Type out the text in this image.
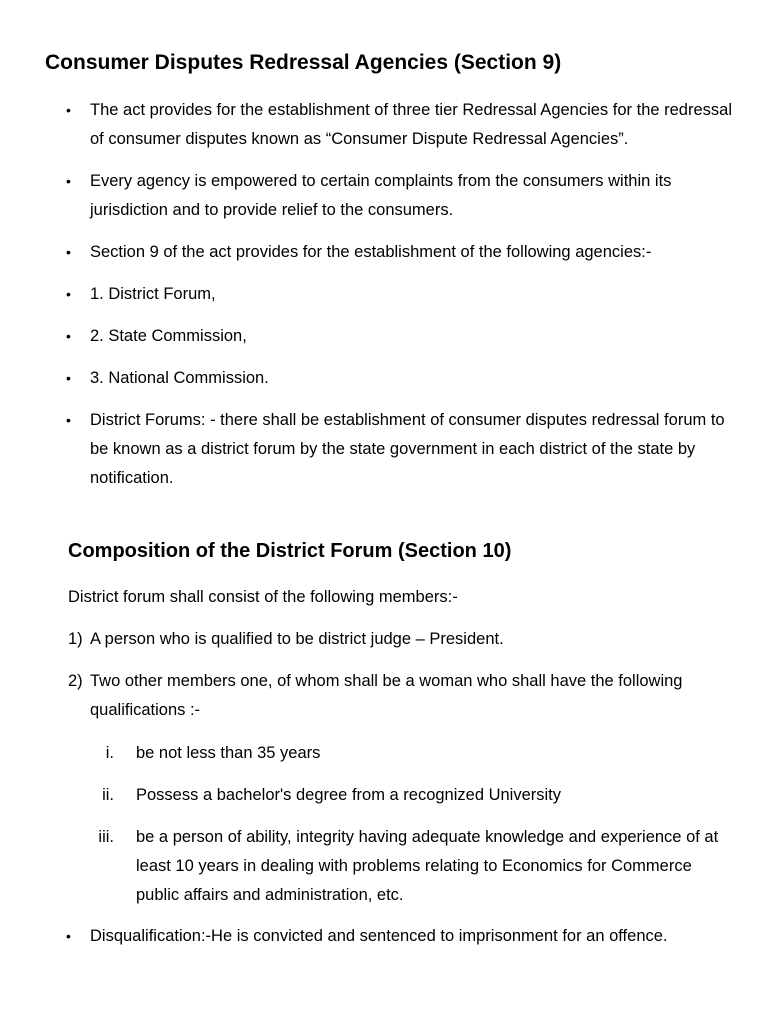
Consumer Disputes Redressal Agencies (Section 9)
• The act provides for the establishment of three tier Redressal Agencies for the redressal of consumer disputes known as “Consumer Dispute Redressal Agencies”.
• Every agency is empowered to certain complaints from the consumers within its jurisdiction and to provide relief to the consumers.
• Section 9 of the act provides for the establishment of the following agencies:-
• 1. District Forum,
• 2. State Commission,
• 3. National Commission.
• District Forums: - there shall be establishment of consumer disputes redressal forum to be known as a district forum by the state government in each district of the state by notification.
Composition of the District Forum (Section 10)
District forum shall consist of the following members:-
1) A person who is qualified to be district judge – President.
2) Two other members one, of whom shall be a woman who shall have the following qualifications :-
i. be not less than 35 years
ii. Possess a bachelor's degree from a recognized University
iii. be a person of ability, integrity having adequate knowledge and experience of at least 10 years in dealing with problems relating to Economics for Commerce public affairs and administration, etc.
• Disqualification:-He is convicted and sentenced to imprisonment for an offence.
